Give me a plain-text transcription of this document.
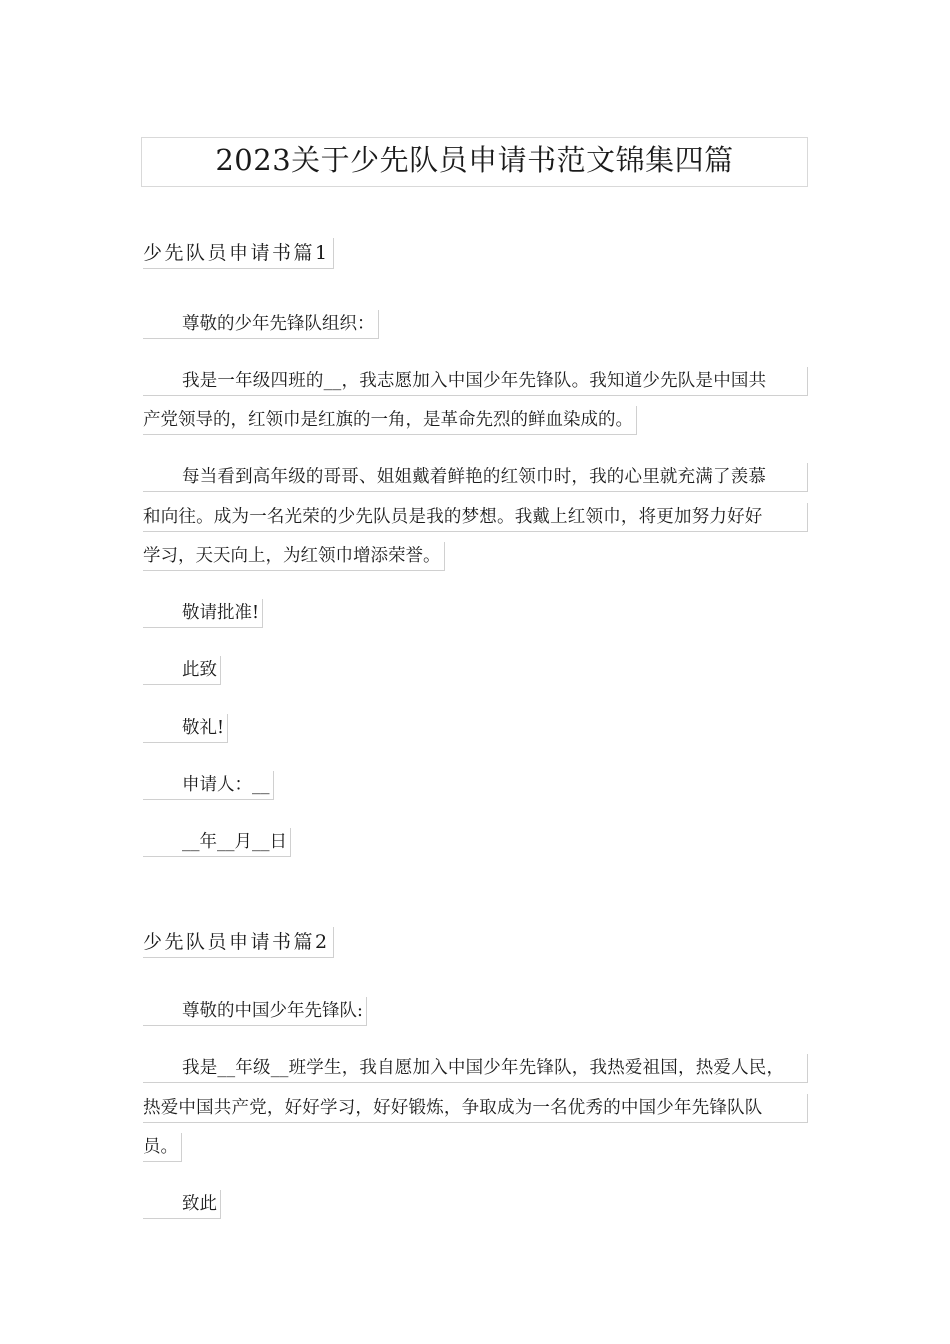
2023关于少先队员申请书范文锦集四篇
少先队员申请书篇1
尊敬的少年先锋队组织：
我是一年级四班的__，我志愿加入中国少年先锋队。我知道少先队是中国共
产党领导的，红领巾是红旗的一角，是革命先烈的鲜血染成的。
每当看到高年级的哥哥、姐姐戴着鲜艳的红领巾时，我的心里就充满了羡慕
和向往。成为一名光荣的少先队员是我的梦想。我戴上红领巾，将更加努力好好
学习，天天向上，为红领巾增添荣誉。
敬请批准!
此致
敬礼!
申请人：__
__年__月__日
少先队员申请书篇2
尊敬的中国少年先锋队:
我是__年级__班学生，我自愿加入中国少年先锋队，我热爱祖国，热爱人民，
热爱中国共产党，好好学习，好好锻炼，争取成为一名优秀的中国少年先锋队队
员。
致此
